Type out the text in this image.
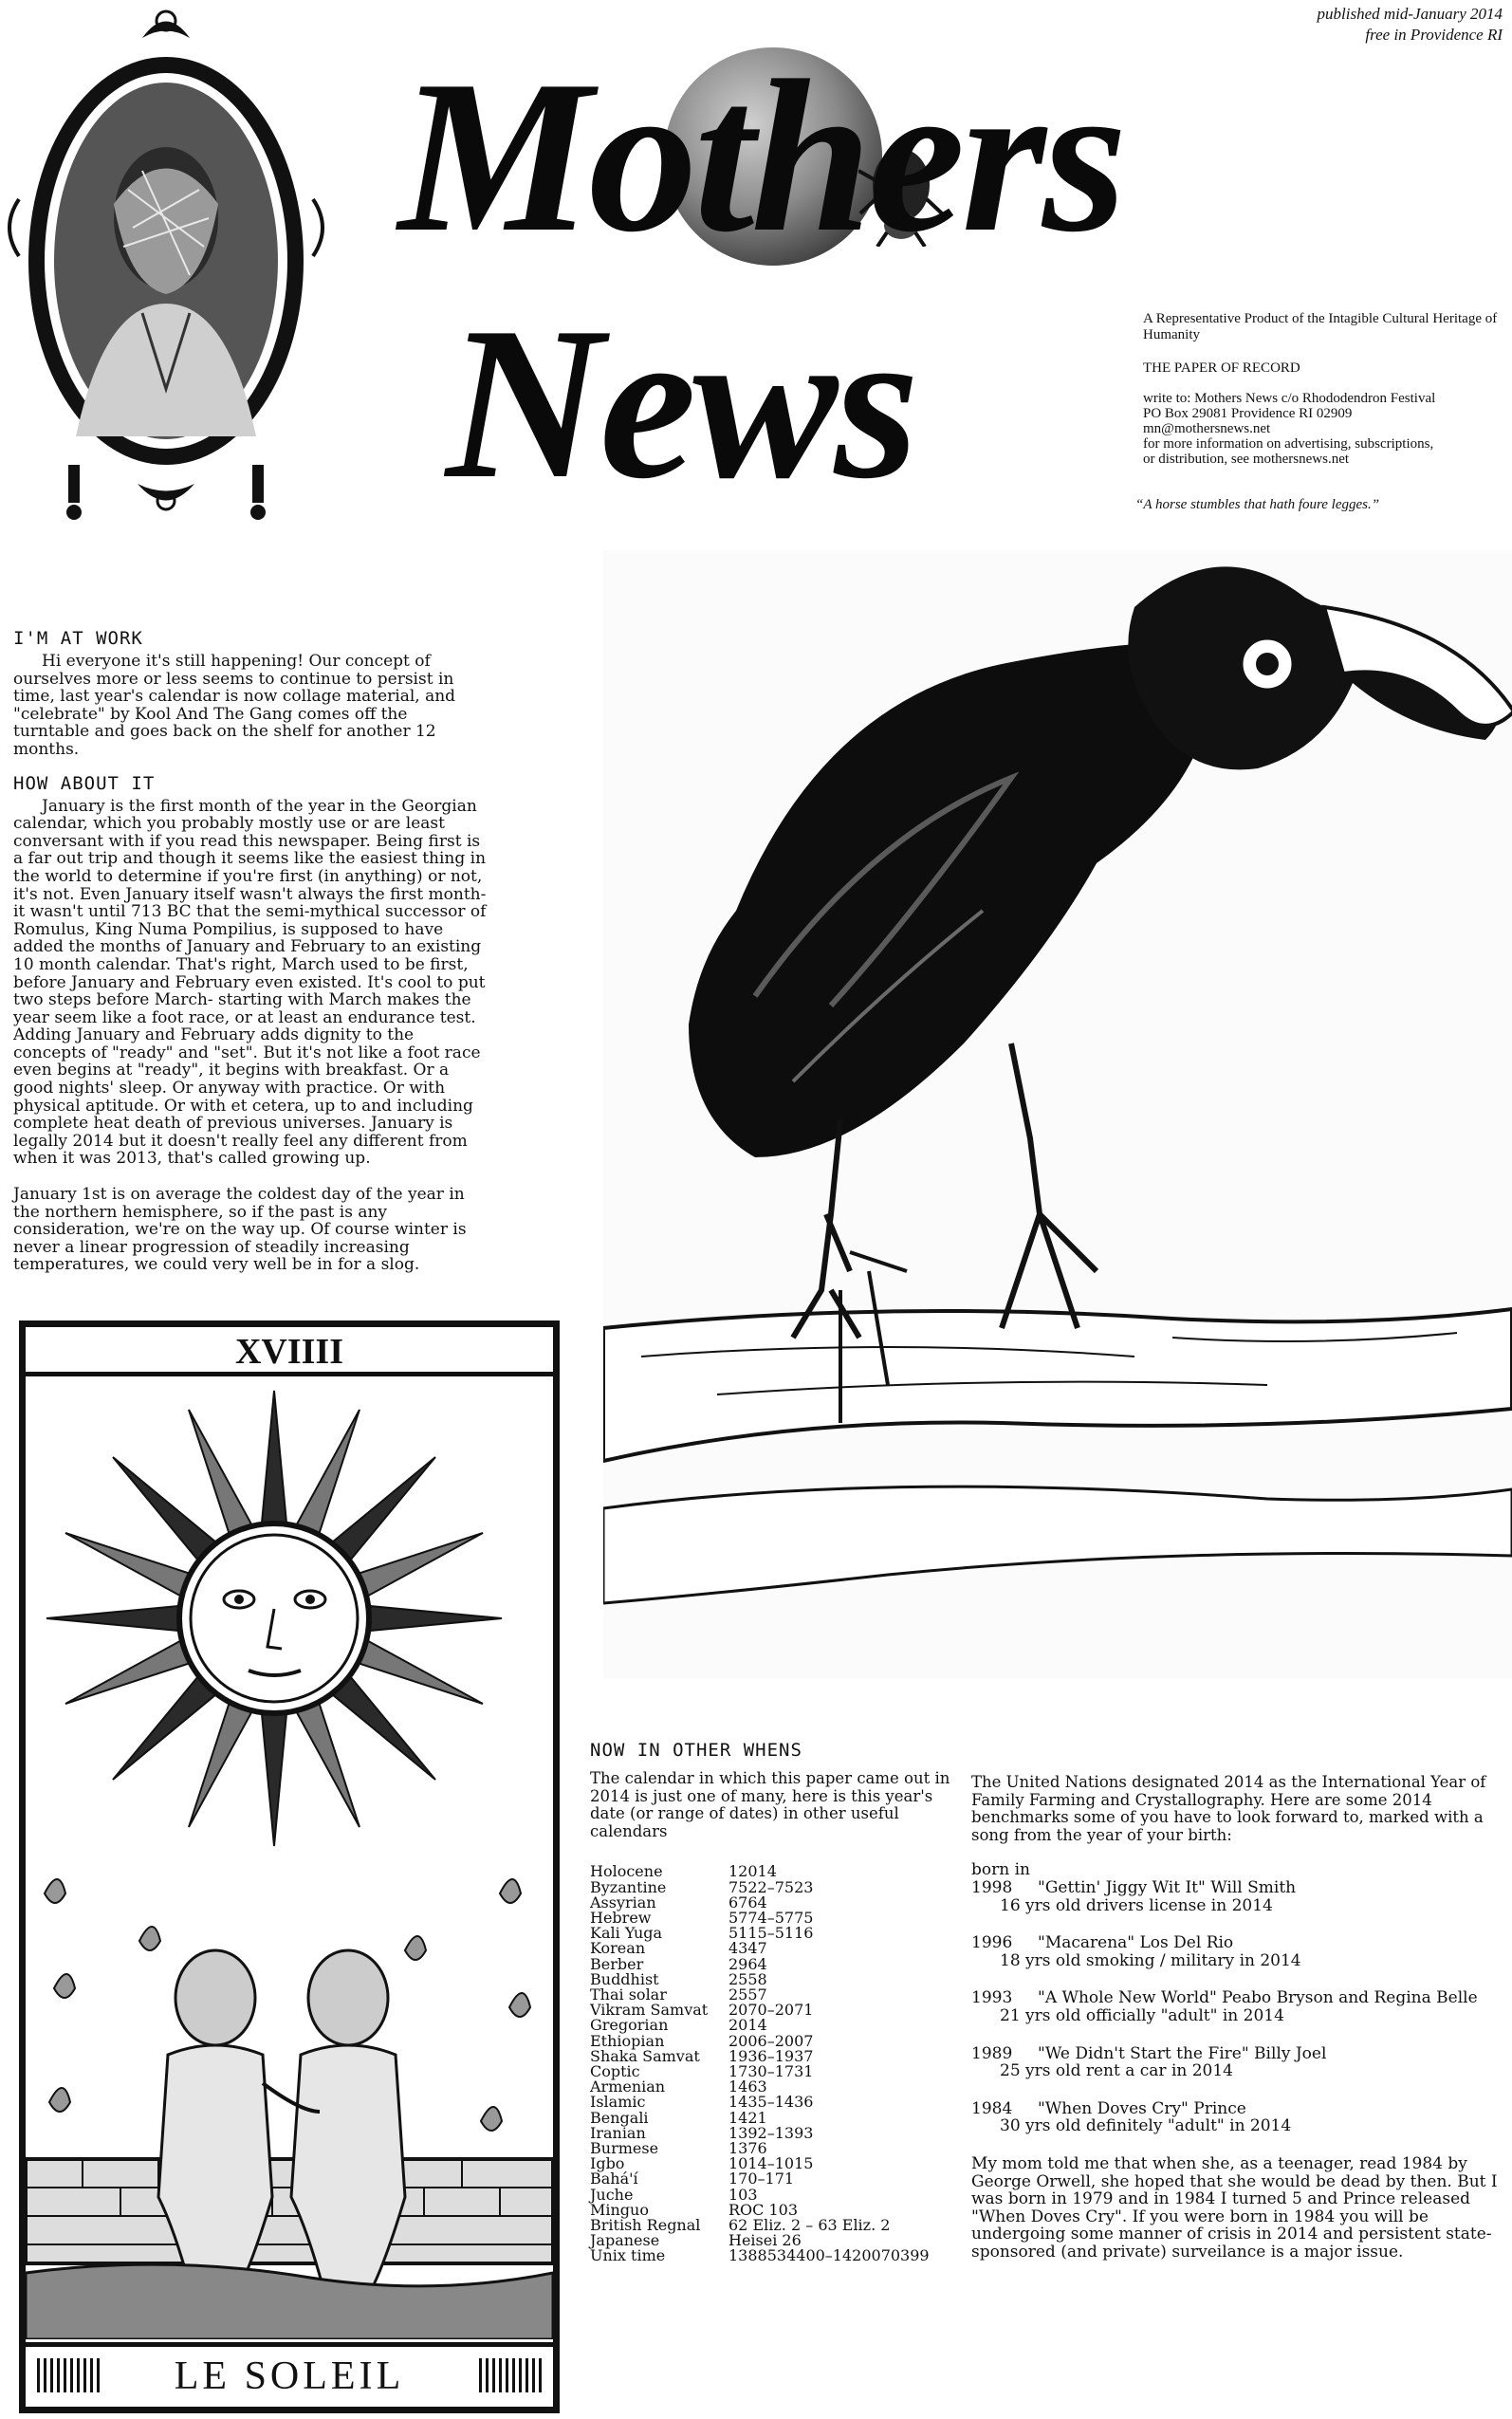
published mid-January 2014
free in Providence RI
Mothers
News	A Representative Product of the Intagible Cultural Heritage of Humanity
THE PAPER OF RECORD
write to: Mothers News c/o Rhododendron Festival
PO Box 29081 Providence RI 02909
mn@mothersnews.net
for more information on advertising, subscriptions,
or distribution, see mothersnews.net
“A horse stumbles that hath foure legges.”
I'M AT WORK

Hi everyone it's still happening! Our concept of ourselves more or less seems to continue to persist in time, last year's calendar is now collage material, and "celebrate" by Kool And The Gang comes off the turntable and goes back on the shelf for another 12 months.

HOW ABOUT IT

January is the first month of the year in the Georgian calendar, which you probably mostly use or are least conversant with if you read this newspaper. Being first is a far out trip and though it seems like the easiest thing in the world to determine if you're first (in anything) or not, it's not. Even January itself wasn't always the first month- it wasn't until 713 BC that the semi-mythical successor of Romulus, King Numa Pompilius, is supposed to have added the months of January and February to an existing 10 month calendar. That's right, March used to be first, before January and February even existed. It's cool to put two steps before March- starting with March makes the year seem like a foot race, or at least an endurance test. Adding January and February adds dignity to the concepts of "ready" and "set". But it's not like a foot race even begins at "ready", it begins with breakfast. Or a good nights' sleep. Or anyway with practice. Or with physical aptitude. Or with et cetera, up to and including complete heat death of previous universes. January is legally 2014 but it doesn't really feel any different from when it was 2013, that's called growing up.

January 1st is on average the coldest day of the year in the northern hemisphere, so if the past is any consideration, we're on the way up. Of course winter is never a linear progression of steadily increasing temperatures, we could very well be in for a slog.

XVIIII
LE SOLEIL
NOW IN OTHER WHENS

The calendar in which this paper came out in 2014 is just one of many, here is this year's date (or range of dates) in other useful calendars

Holocene	12014
Byzantine	7522–7523
Assyrian	6764
Hebrew	5774–5775
Kali Yuga	5115–5116
Korean	4347
Berber	2964
Buddhist	2558
Thai solar	2557
Vikram Samvat	2070–2071
Gregorian	2014
Ethiopian	2006–2007
Shaka Samvat	1936–1937
Coptic	1730–1731
Armenian	1463
Islamic	1435–1436
Bengali	1421
Iranian	1392–1393
Burmese	1376
Igbo	1014–1015
Bahá'í	170–171
Juche	103
Minguo	ROC 103
British Regnal	62 Eliz. 2 – 63 Eliz. 2
Japanese	Heisei 26
Unix time	1388534400–1420070399

The United Nations designated 2014 as the International Year of Family Farming and Crystallography. Here are some 2014 benchmarks some of you have to look forward to, marked with a song from the year of your birth:

born in
1998 "Gettin' Jiggy Wit It" Will Smith
16 yrs old drivers license in 2014
1996 "Macarena" Los Del Rio
18 yrs old smoking / military in 2014
1993 "A Whole New World" Peabo Bryson and Regina Belle
21 yrs old officially "adult" in 2014
1989 "We Didn't Start the Fire" Billy Joel
25 yrs old rent a car in 2014
1984 "When Doves Cry" Prince
30 yrs old definitely "adult" in 2014

My mom told me that when she, as a teenager, read 1984 by George Orwell, she hoped that she would be dead by then. But I was born in 1979 and in 1984 I turned 5 and Prince released "When Doves Cry". If you were born in 1984 you will be undergoing some manner of crisis in 2014 and persistent state-sponsored (and private) surveilance is a major issue.
